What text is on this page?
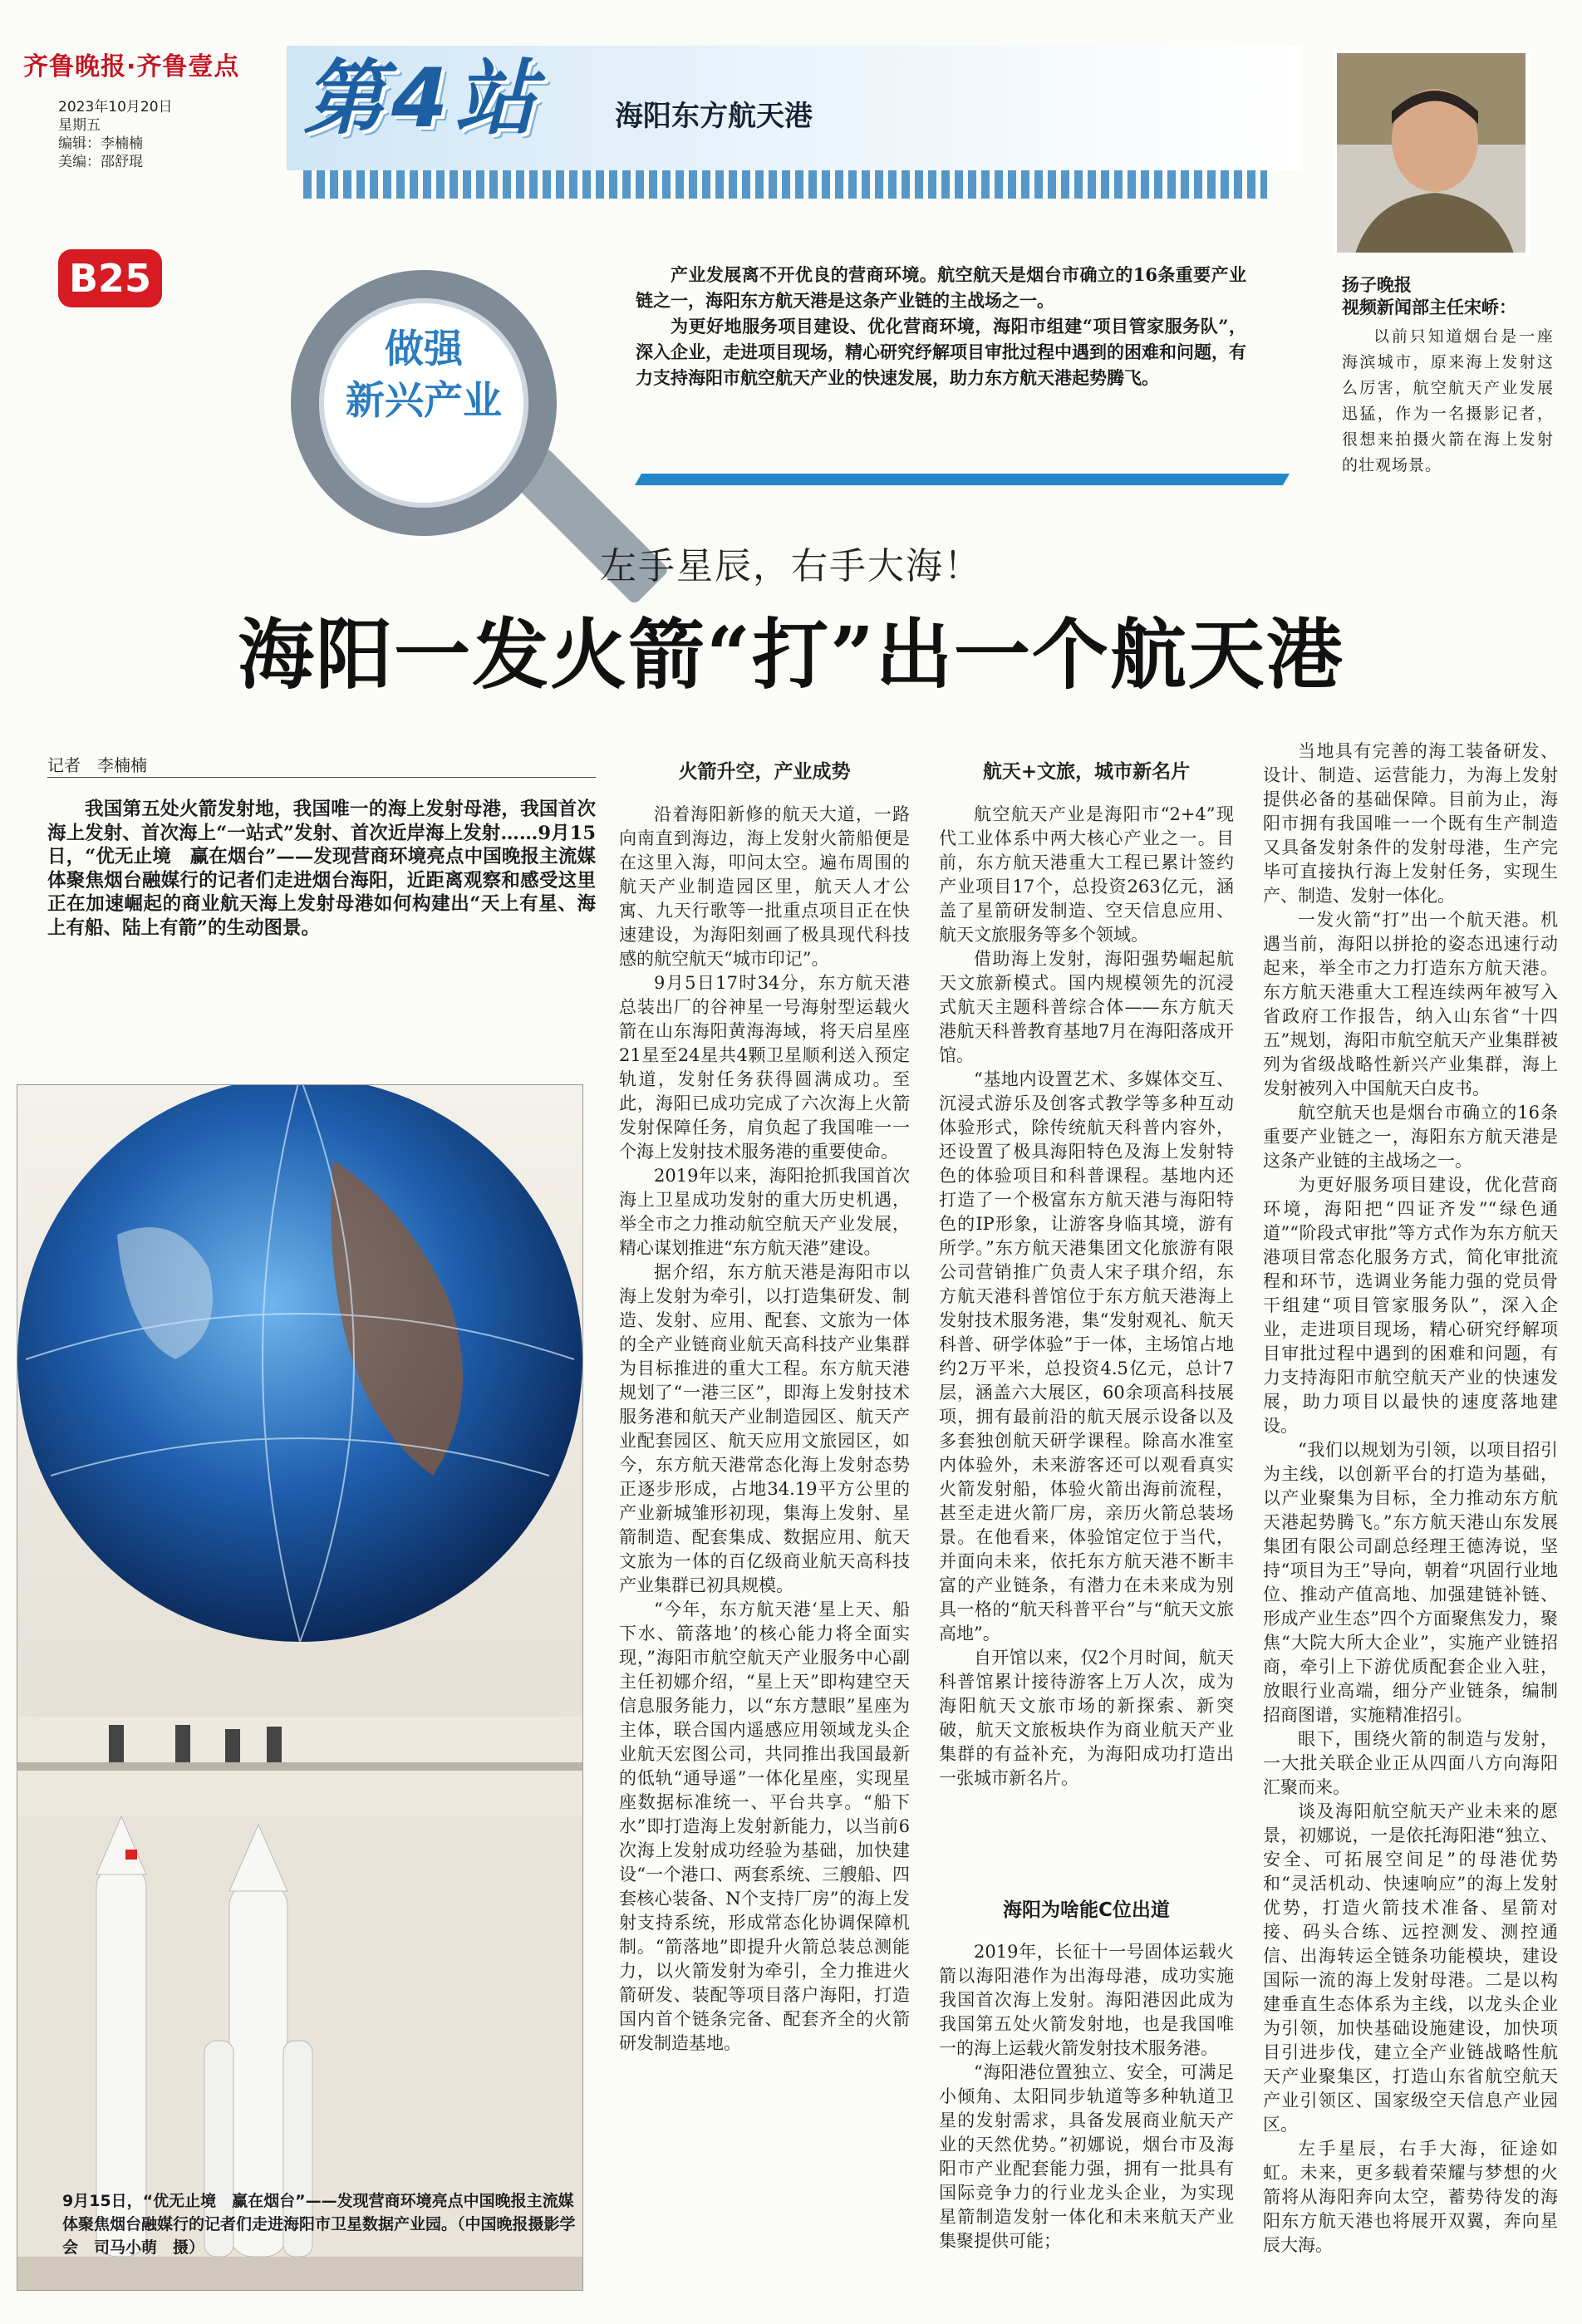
齐鲁晚报·齐鲁壹点
2023年10月20日
星期五
编辑：李楠楠
美编：邵舒琨
第4站	海阳东方航天港
B25
做强
新兴产业

产业发展离不开优良的营商环境。航空航天是烟台市确立的16条重要产业链之一，海阳东方航天港是这条产业链的主战场之一。

为更好地服务项目建设、优化营商环境，海阳市组建“项目管家服务队”，深入企业，走进项目现场，精心研究纾解项目审批过程中遇到的困难和问题，有力支持海阳市航空航天产业的快速发展，助力东方航天港起势腾飞。

扬子晚报
视频新闻部主任宋峤：
以前只知道烟台是一座海滨城市，原来海上发射这么厉害，航空航天产业发展迅猛，作为一名摄影记者，很想来拍摄火箭在海上发射的壮观场景。
左手星辰，右手大海！
海阳一发火箭“打”出一个航天港
记者　李楠楠

我国第五处火箭发射地，我国唯一的海上发射母港，我国首次海上发射、首次海上“一站式”发射、首次近岸海上发射……9月15日，“优无止境　赢在烟台”——发现营商环境亮点中国晚报主流媒体聚焦烟台融媒行的记者们走进烟台海阳，近距离观察和感受这里正在加速崛起的商业航天海上发射母港如何构建出“天上有星、海上有船、陆上有箭”的生动图景。

9月15日，“优无止境　赢在烟台”——发现营商环境亮点中国晚报主流媒体聚焦烟台融媒行的记者们走进海阳市卫星数据产业园。（中国晚报摄影学会　司马小萌　摄）
火箭升空，产业成势

沿着海阳新修的航天大道，一路向南直到海边，海上发射火箭船便是在这里入海，叩问太空。遍布周围的航天产业制造园区里，航天人才公寓、九天行歌等一批重点项目正在快速建设，为海阳刻画了极具现代科技感的航空航天“城市印记”。

9月5日17时34分，东方航天港总装出厂的谷神星一号海射型运载火箭在山东海阳黄海海域，将天启星座21星至24星共4颗卫星顺利送入预定轨道，发射任务获得圆满成功。至此，海阳已成功完成了六次海上火箭发射保障任务，肩负起了我国唯一一个海上发射技术服务港的重要使命。

2019年以来，海阳抢抓我国首次海上卫星成功发射的重大历史机遇，举全市之力推动航空航天产业发展，精心谋划推进“东方航天港”建设。

据介绍，东方航天港是海阳市以海上发射为牵引，以打造集研发、制造、发射、应用、配套、文旅为一体的全产业链商业航天高科技产业集群为目标推进的重大工程。东方航天港规划了“一港三区”，即海上发射技术服务港和航天产业制造园区、航天产业配套园区、航天应用文旅园区，如今，东方航天港常态化海上发射态势正逐步形成，占地34.19平方公里的产业新城雏形初现，集海上发射、星箭制造、配套集成、数据应用、航天文旅为一体的百亿级商业航天高科技产业集群已初具规模。

“今年，东方航天港‘星上天、船下水、箭落地’的核心能力将全面实现，”海阳市航空航天产业服务中心副主任初娜介绍，“星上天”即构建空天信息服务能力，以“东方慧眼”星座为主体，联合国内遥感应用领域龙头企业航天宏图公司，共同推出我国最新的低轨“通导遥”一体化星座，实现星座数据标准统一、平台共享。“船下水”即打造海上发射新能力，以当前6次海上发射成功经验为基础，加快建设“一个港口、两套系统、三艘船、四套核心装备、N个支持厂房”的海上发射支持系统，形成常态化协调保障机制。“箭落地”即提升火箭总装总测能力，以火箭发射为牵引，全力推进火箭研发、装配等项目落户海阳，打造国内首个链条完备、配套齐全的火箭研发制造基地。

航天+文旅，城市新名片

航空航天产业是海阳市“2+4”现代工业体系中两大核心产业之一。目前，东方航天港重大工程已累计签约产业项目17个，总投资263亿元，涵盖了星箭研发制造、空天信息应用、航天文旅服务等多个领域。

借助海上发射，海阳强势崛起航天文旅新模式。国内规模领先的沉浸式航天主题科普综合体——东方航天港航天科普教育基地7月在海阳落成开馆。

“基地内设置艺术、多媒体交互、沉浸式游乐及创客式教学等多种互动体验形式，除传统航天科普内容外，还设置了极具海阳特色及海上发射特色的体验项目和科普课程。基地内还打造了一个极富东方航天港与海阳特色的IP形象，让游客身临其境，游有所学。”东方航天港集团文化旅游有限公司营销推广负责人宋子琪介绍，东方航天港科普馆位于东方航天港海上发射技术服务港，集“发射观礼、航天科普、研学体验”于一体，主场馆占地约2万平米，总投资4.5亿元，总计7层，涵盖六大展区，60余项高科技展项，拥有最前沿的航天展示设备以及多套独创航天研学课程。除高水准室内体验外，未来游客还可以观看真实火箭发射船，体验火箭出海前流程，甚至走进火箭厂房，亲历火箭总装场景。在他看来，体验馆定位于当代，并面向未来，依托东方航天港不断丰富的产业链条，有潜力在未来成为别具一格的“航天科普平台”与“航天文旅高地”。

自开馆以来，仅2个月时间，航天科普馆累计接待游客上万人次，成为海阳航天文旅市场的新探索、新突破，航天文旅板块作为商业航天产业集群的有益补充，为海阳成功打造出一张城市新名片。

海阳为啥能C位出道

2019年，长征十一号固体运载火箭以海阳港作为出海母港，成功实施我国首次海上发射。海阳港因此成为我国第五处火箭发射地，也是我国唯一的海上运载火箭发射技术服务港。

“海阳港位置独立、安全，可满足小倾角、太阳同步轨道等多种轨道卫星的发射需求，具备发展商业航天产业的天然优势。”初娜说，烟台市及海阳市产业配套能力强，拥有一批具有国际竞争力的行业龙头企业，为实现星箭制造发射一体化和未来航天产业集聚提供可能；

当地具有完善的海工装备研发、设计、制造、运营能力，为海上发射提供必备的基础保障。目前为止，海阳市拥有我国唯一一个既有生产制造又具备发射条件的发射母港，生产完毕可直接执行海上发射任务，实现生产、制造、发射一体化。

一发火箭“打”出一个航天港。机遇当前，海阳以拼抢的姿态迅速行动起来，举全市之力打造东方航天港。东方航天港重大工程连续两年被写入省政府工作报告，纳入山东省“十四五”规划，海阳市航空航天产业集群被列为省级战略性新兴产业集群，海上发射被列入中国航天白皮书。

航空航天也是烟台市确立的16条重要产业链之一，海阳东方航天港是这条产业链的主战场之一。

为更好服务项目建设，优化营商环境，海阳把“四证齐发”“绿色通道”“阶段式审批”等方式作为东方航天港项目常态化服务方式，简化审批流程和环节，选调业务能力强的党员骨干组建“项目管家服务队”，深入企业，走进项目现场，精心研究纾解项目审批过程中遇到的困难和问题，有力支持海阳市航空航天产业的快速发展，助力项目以最快的速度落地建设。

“我们以规划为引领，以项目招引为主线，以创新平台的打造为基础，以产业聚集为目标，全力推动东方航天港起势腾飞。”东方航天港山东发展集团有限公司副总经理王德涛说，坚持“项目为王”导向，朝着“巩固行业地位、推动产值高地、加强建链补链、形成产业生态”四个方面聚焦发力，聚焦“大院大所大企业”，实施产业链招商，牵引上下游优质配套企业入驻，放眼行业高端，细分产业链条，编制招商图谱，实施精准招引。

眼下，围绕火箭的制造与发射，一大批关联企业正从四面八方向海阳汇聚而来。

谈及海阳航空航天产业未来的愿景，初娜说，一是依托海阳港“独立、安全、可拓展空间足”的母港优势和“灵活机动、快速响应”的海上发射优势，打造火箭技术准备、星箭对接、码头合练、远控测发、测控通信、出海转运全链条功能模块，建设国际一流的海上发射母港。二是以构建垂直生态体系为主线，以龙头企业为引领，加快基础设施建设，加快项目引进步伐，建立全产业链战略性航天产业聚集区，打造山东省航空航天产业引领区、国家级空天信息产业园区。

左手星辰，右手大海，征途如虹。未来，更多载着荣耀与梦想的火箭将从海阳奔向太空，蓄势待发的海阳东方航天港也将展开双翼，奔向星辰大海。
